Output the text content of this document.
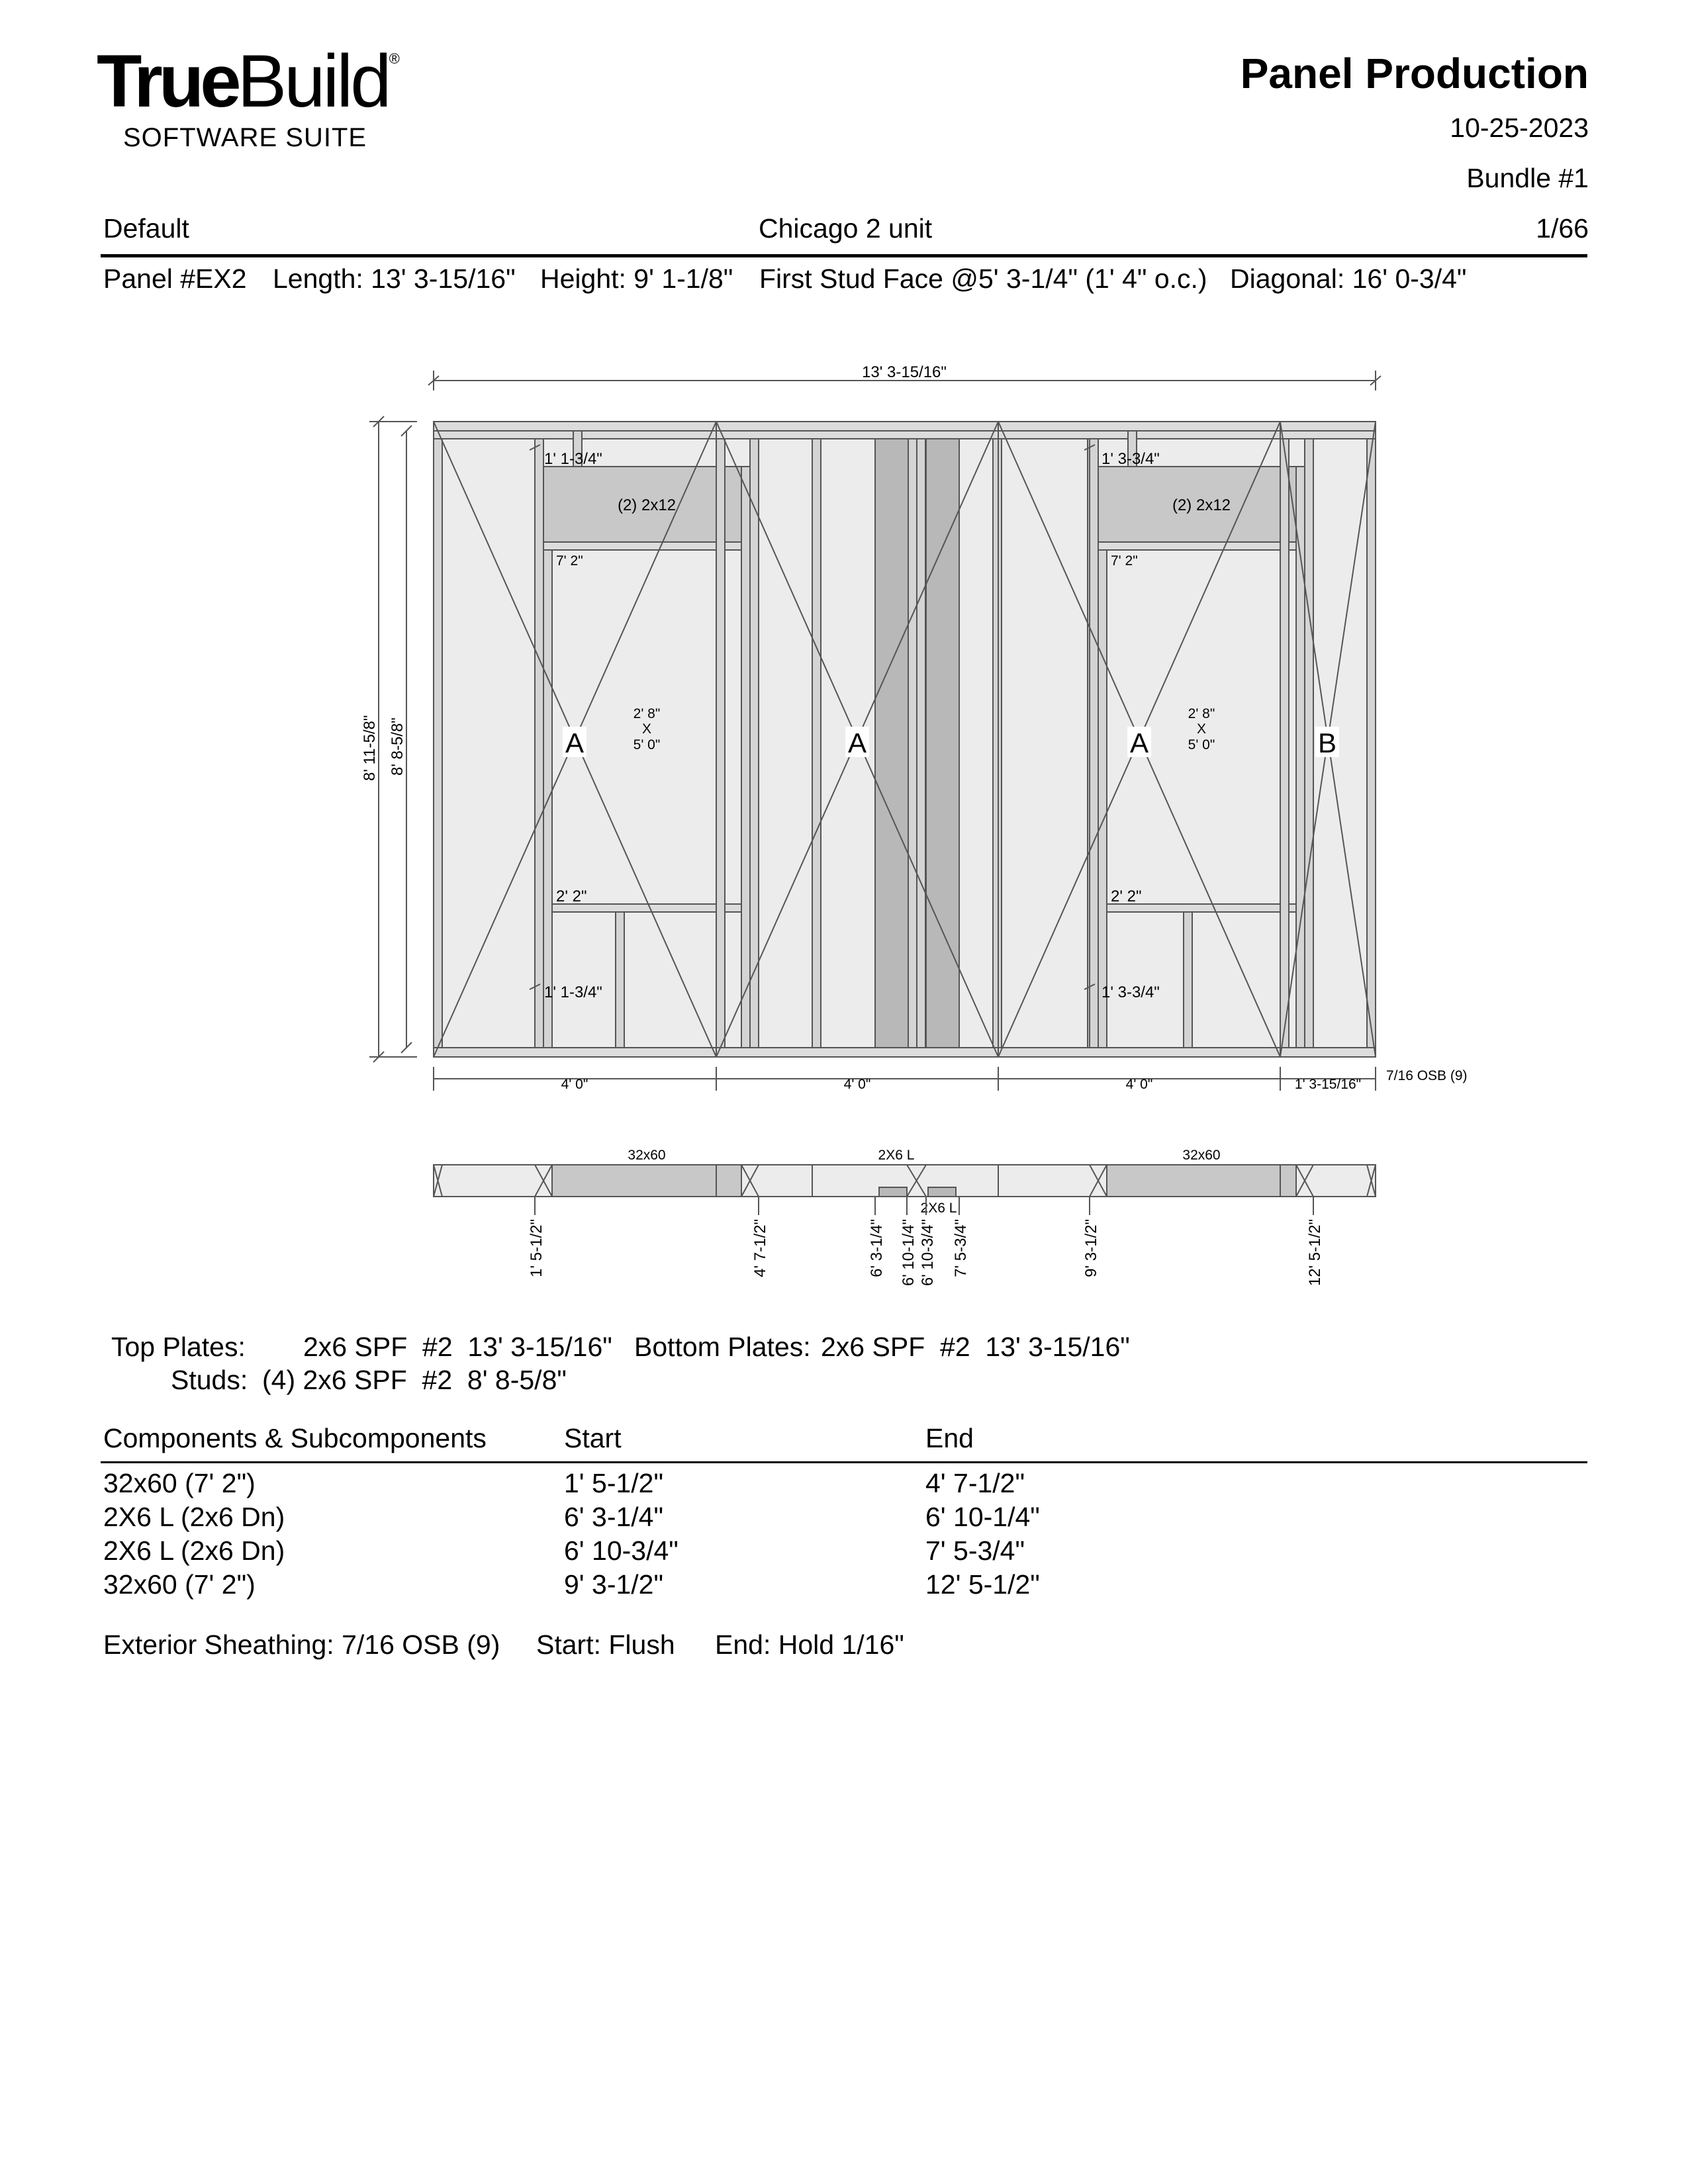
TrueBuild®
SOFTWARE SUITE
Panel Production
10-25-2023
Bundle #1
Default	Chicago 2 unit	1/66
Panel #EX2 Length: 13' 3-15/16" Height: 9' 1-1/8" First Stud Face @5' 3-1/4" (1' 4" o.c.) Diagonal: 16' 0-3/4"
A	A	A	B
1' 1-3/4"
(2) 2x12
7' 2"
2' 8"
X
5' 0"
2' 2"
1' 1-3/4"
1' 3-3/4"
(2) 2x12
7' 2"
2' 8"
X
5' 0"
2' 2"
1' 3-3/4"
13' 3-15/16"
8' 11-5/8" 8' 8-5/8"
4' 0"	4' 0"	4' 0"	1' 3-15/16"
7/16 OSB (9)
32x60	2X6 L	32x60
2X6 L
1' 5-1/2"	4' 7-1/2"	6' 3-1/4" 6' 10-1/4" 6' 10-3/4" 7' 5-3/4"	9' 3-1/2"	12' 5-1/2"
Top Plates: 2x6 SPF  #2  13' 3-15/16" Bottom Plates: 2x6 SPF  #2  13' 3-15/16"
Studs: (4) 2x6 SPF  #2  8' 8-5/8"
Components & Subcomponents	Start	End
32x60 (7' 2")	1' 5-1/2"	4' 7-1/2"
2X6 L (2x6 Dn)	6' 3-1/4"	6' 10-1/4"
2X6 L (2x6 Dn)	6' 10-3/4"	7' 5-3/4"
32x60 (7' 2")	9' 3-1/2"	12' 5-1/2"
Exterior Sheathing: 7/16 OSB (9) Start: Flush End: Hold 1/16"
